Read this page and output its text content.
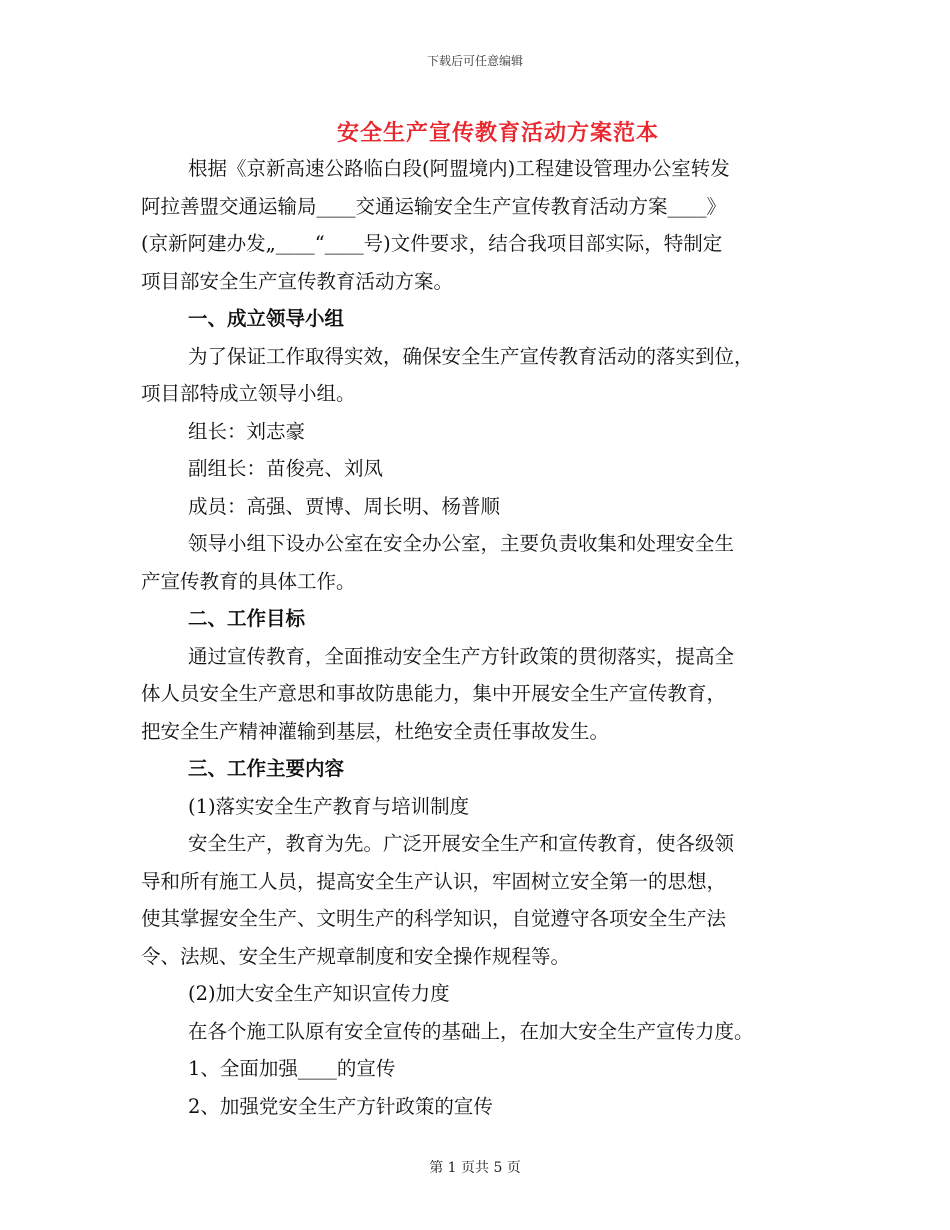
下载后可任意编辑
安全生产宣传教育活动方案范本

根据《京新高速公路临白段(阿盟境内)工程建设管理办公室转发

阿拉善盟交通运输局____交通运输安全生产宣传教育活动方案____》

(京新阿建办发„____“____号)文件要求，结合我项目部实际，特制定

项目部安全生产宣传教育活动方案。

一、成立领导小组

为了保证工作取得实效，确保安全生产宣传教育活动的落实到位，

项目部特成立领导小组。

组长：刘志豪

副组长：苗俊亮、刘凤

成员：高强、贾博、周长明、杨普顺

领导小组下设办公室在安全办公室，主要负责收集和处理安全生

产宣传教育的具体工作。

二、工作目标

通过宣传教育，全面推动安全生产方针政策的贯彻落实，提高全

体人员安全生产意思和事故防患能力，集中开展安全生产宣传教育，

把安全生产精神灌输到基层，杜绝安全责任事故发生。

三、工作主要内容

(1)落实安全生产教育与培训制度

安全生产，教育为先。广泛开展安全生产和宣传教育，使各级领

导和所有施工人员，提高安全生产认识，牢固树立安全第一的思想，

使其掌握安全生产、文明生产的科学知识，自觉遵守各项安全生产法

令、法规、安全生产规章制度和安全操作规程等。

(2)加大安全生产知识宣传力度

在各个施工队原有安全宣传的基础上，在加大安全生产宣传力度。

1、全面加强____的宣传

2、加强党安全生产方针政策的宣传

第 1 页共 5 页
